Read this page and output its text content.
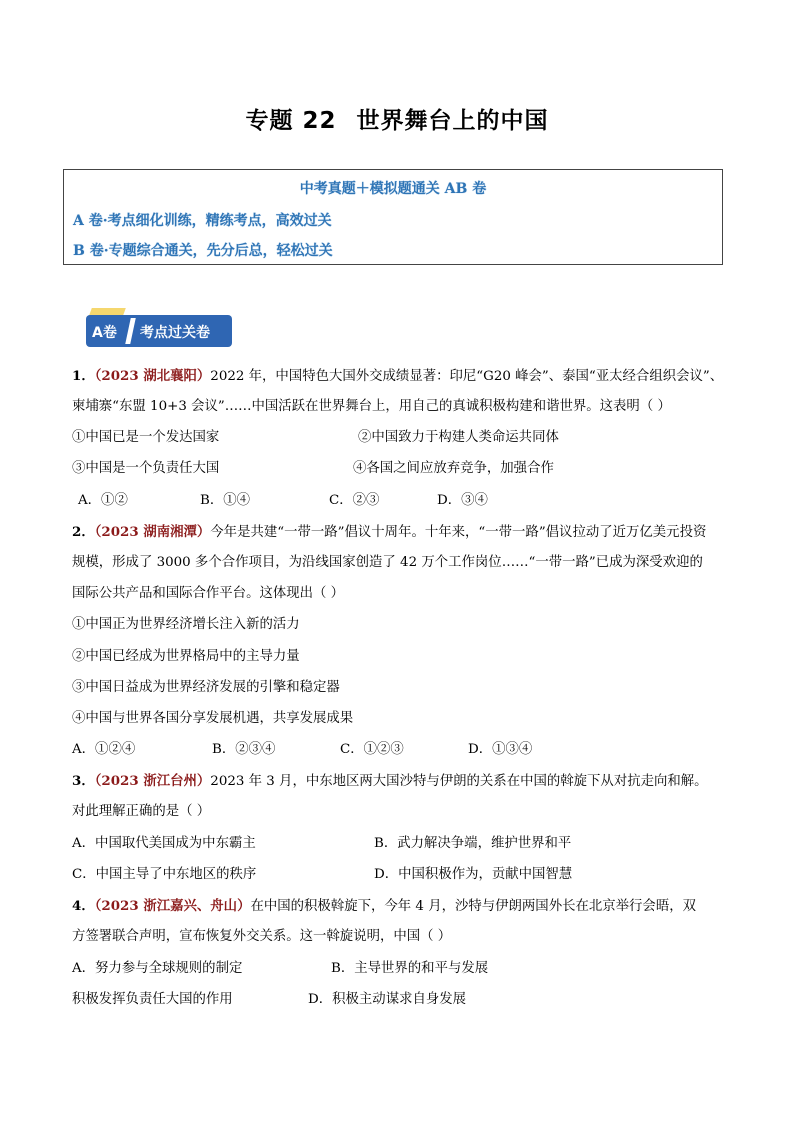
专题 22 世界舞台上的中国
中考真题＋模拟题通关 AB 卷
A 卷·考点细化训练，精练考点，高效过关
B 卷·专题综合通关，先分后总，轻松过关
A卷 考点过关卷
1．（2023 湖北襄阳）2022 年，中国特色大国外交成绩显著：印尼“G20 峰会”、泰国“亚太经合组织会议”、
柬埔寨“东盟 10+3 会议”……中国活跃在世界舞台上，用自己的真诚积极构建和谐世界。这表明（ ）
①中国已是一个发达国家	②中国致力于构建人类命运共同体
③中国是一个负责任大国	④各国之间应放弃竞争，加强合作
A．①②	B．①④	C．②③	D．③④
2．（2023 湖南湘潭）今年是共建“一带一路”倡议十周年。十年来，“一带一路”倡议拉动了近万亿美元投资
规模，形成了 3000 多个合作项目，为沿线国家创造了 42 万个工作岗位……“一带一路”已成为深受欢迎的
国际公共产品和国际合作平台。这体现出（ ）
①中国正为世界经济增长注入新的活力
②中国已经成为世界格局中的主导力量
③中国日益成为世界经济发展的引擎和稳定器
④中国与世界各国分享发展机遇，共享发展成果
A．①②④	B．②③④	C．①②③	D．①③④
3．（2023 浙江台州）2023 年 3 月，中东地区两大国沙特与伊朗的关系在中国的斡旋下从对抗走向和解。
对此理解正确的是（ ）
A．中国取代美国成为中东霸主	B．武力解决争端，维护世界和平
C．中国主导了中东地区的秩序	D．中国积极作为，贡献中国智慧
4．（2023 浙江嘉兴、舟山）在中国的积极斡旋下，今年 4 月，沙特与伊朗两国外长在北京举行会晤，双
方签署联合声明，宣布恢复外交关系。这一斡旋说明，中国（ ）
A．努力参与全球规则的制定	B．主导世界的和平与发展
积极发挥负责任大国的作用	D．积极主动谋求自身发展
